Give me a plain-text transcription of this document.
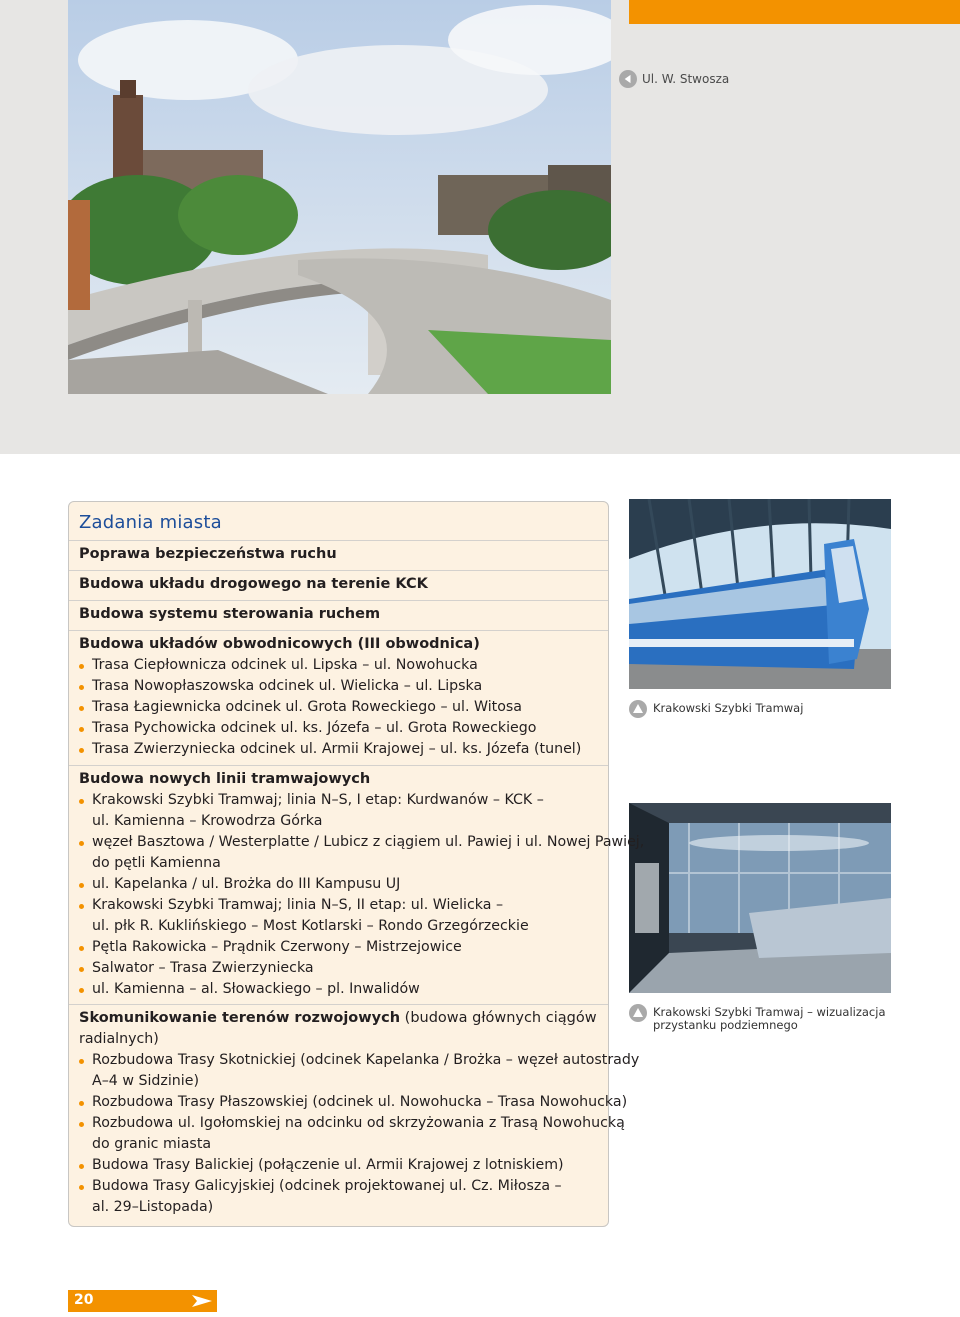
Ul. W. Stwosza
Krakowski Szybki Tramwaj
Krakowski Szybki Tramwaj – wizualizacja
przystanku podziemnego
Zadania miasta
Poprawa bezpieczeństwa ruchu
Budowa układu drogowego na terenie KCK
Budowa systemu sterowania ruchem
Budowa układów obwodnicowych (III obwodnica)
Trasa Ciepłownicza odcinek ul. Lipska – ul. Nowohucka
Trasa Nowopłaszowska odcinek ul. Wielicka – ul. Lipska
Trasa Łagiewnicka odcinek ul. Grota Roweckiego – ul. Witosa
Trasa Pychowicka odcinek ul. ks. Józefa – ul. Grota Roweckiego
Trasa Zwierzyniecka odcinek ul. Armii Krajowej – ul. ks. Józefa (tunel)
Budowa nowych linii tramwajowych
Krakowski Szybki Tramwaj; linia N–S, I etap: Kurdwanów – KCK –
ul. Kamienna – Krowodrza Górka
węzeł Basztowa / Westerplatte / Lubicz z ciągiem ul. Pawiej i ul. Nowej Pawiej,
do pętli Kamienna
ul. Kapelanka / ul. Brożka do III Kampusu UJ
Krakowski Szybki Tramwaj; linia N–S, II etap: ul. Wielicka –
ul. płk R. Kuklińskiego – Most Kotlarski – Rondo Grzegórzeckie
Pętla Rakowicka – Prądnik Czerwony – Mistrzejowice
Salwator – Trasa Zwierzyniecka
ul. Kamienna – al. Słowackiego – pl. Inwalidów
Skomunikowanie terenów rozwojowych (budowa głównych ciągów
radialnych)
Rozbudowa Trasy Skotnickiej (odcinek Kapelanka / Brożka – węzeł autostrady
A–4 w Sidzinie)
Rozbudowa Trasy Płaszowskiej (odcinek ul. Nowohucka – Trasa Nowohucka)
Rozbudowa ul. Igołomskiej na odcinku od skrzyżowania z Trasą Nowohucką
do granic miasta
Budowa Trasy Balickiej (połączenie ul. Armii Krajowej z lotniskiem)
Budowa Trasy Galicyjskiej (odcinek projektowanej ul. Cz. Miłosza –
al. 29–Listopada)
20
